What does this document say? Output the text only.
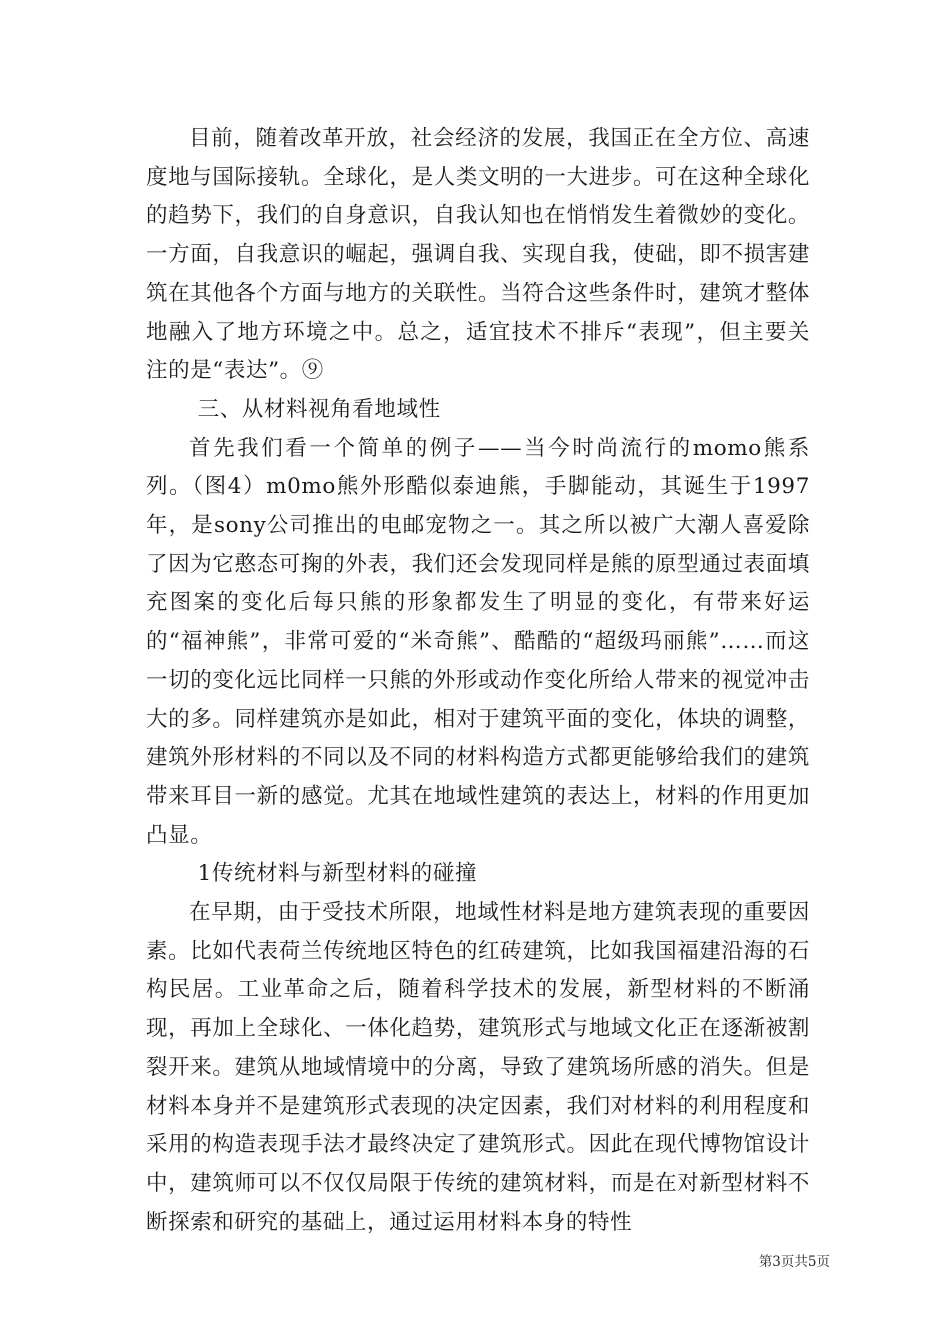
目前，随着改革开放，社会经济的发展，我国正在全方位、高速度地与国际接轨。全球化，是人类文明的一大进步。可在这种全球化的趋势下，我们的自身意识，自我认知也在悄悄发生着微妙的变化。一方面，自我意识的崛起，强调自我、实现自我，使础，即不损害建筑在其他各个方面与地方的关联性。当符合这些条件时，建筑才整体地融入了地方环境之中。总之，适宜技术不排斥“表现”，但主要关注的是“表达”。⑨

三、从材料视角看地域性

首先我们看一个简单的例子——当今时尚流行的momo熊系列。（图4）m0mo熊外形酷似泰迪熊，手脚能动，其诞生于1997年，是sony公司推出的电邮宠物之一。其之所以被广大潮人喜爱除了因为它憨态可掬的外表，我们还会发现同样是熊的原型通过表面填充图案的变化后每只熊的形象都发生了明显的变化，有带来好运的“福神熊”，非常可爱的“米奇熊”、酷酷的“超级玛丽熊”……而这一切的变化远比同样一只熊的外形或动作变化所给人带来的视觉冲击大的多。同样建筑亦是如此，相对于建筑平面的变化，体块的调整，建筑外形材料的不同以及不同的材料构造方式都更能够给我们的建筑带来耳目一新的感觉。尤其在地域性建筑的表达上，材料的作用更加凸显。

1传统材料与新型材料的碰撞

在早期，由于受技术所限，地域性材料是地方建筑表现的重要因素。比如代表荷兰传统地区特色的红砖建筑，比如我国福建沿海的石构民居。工业革命之后，随着科学技术的发展，新型材料的不断涌现，再加上全球化、一体化趋势，建筑形式与地域文化正在逐渐被割裂开来。建筑从地域情境中的分离，导致了建筑场所感的消失。但是材料本身并不是建筑形式表现的决定因素，我们对材料的利用程度和采用的构造表现手法才最终决定了建筑形式。因此在现代博物馆设计中，建筑师可以不仅仅局限于传统的建筑材料，而是在对新型材料不断探索和研究的基础上，通过运用材料本身的特性

第3页共5页
